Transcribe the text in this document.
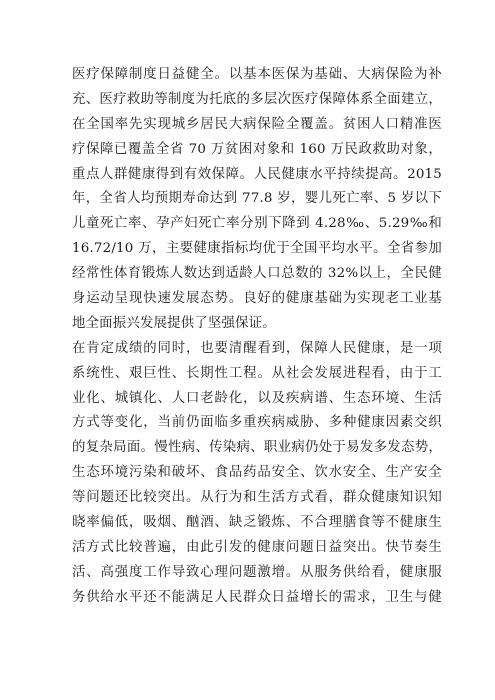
医疗保障制度日益健全。以基本医保为基础、大病保险为补
充、医疗救助等制度为托底的多层次医疗保障体系全面建立，
在全国率先实现城乡居民大病保险全覆盖。贫困人口精准医
疗保障已覆盖全省 70 万贫困对象和 160 万民政救助对象，
重点人群健康得到有效保障。人民健康水平持续提高。2015
年，全省人均预期寿命达到 77.8 岁，婴儿死亡率、5 岁以下
儿童死亡率、孕产妇死亡率分别下降到 4.28‰、5.29‰和
16.72/10 万，主要健康指标均优于全国平均水平。全省参加
经常性体育锻炼人数达到适龄人口总数的 32%以上，全民健
身运动呈现快速发展态势。良好的健康基础为实现老工业基
地全面振兴发展提供了坚强保证。
在肯定成绩的同时，也要清醒看到，保障人民健康，是一项
系统性、艰巨性、长期性工程。从社会发展进程看，由于工
业化、城镇化、人口老龄化，以及疾病谱、生态环境、生活
方式等变化，当前仍面临多重疾病威胁、多种健康因素交织
的复杂局面。慢性病、传染病、职业病仍处于易发多发态势，
生态环境污染和破坏、食品药品安全、饮水安全、生产安全
等问题还比较突出。从行为和生活方式看，群众健康知识知
晓率偏低，吸烟、酗酒、缺乏锻炼、不合理膳食等不健康生
活方式比较普遍，由此引发的健康问题日益突出。快节奏生
活、高强度工作导致心理问题激增。从服务供给看，健康服
务供给水平还不能满足人民群众日益增长的需求，卫生与健
